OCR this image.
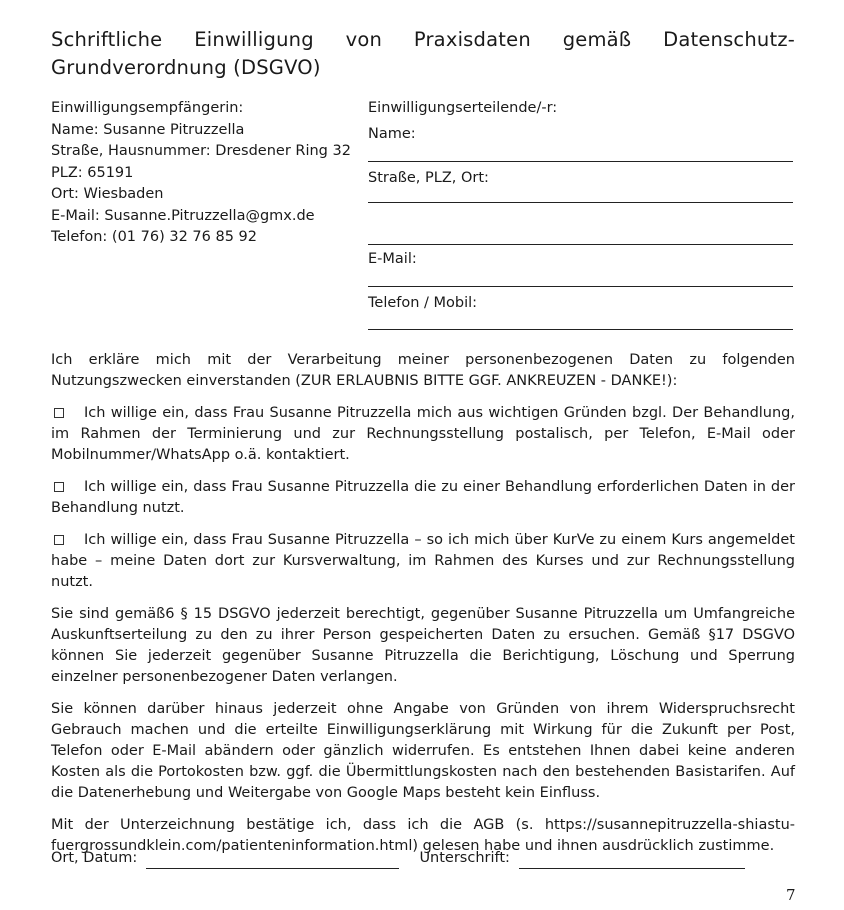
Schriftliche Einwilligung von Praxisdaten gemäß Datenschutz-Grundverordnung (DSGVO)
Einwilligungsempfängerin:
Name: Susanne Pitruzzella
Straße, Hausnummer: Dresdener Ring 32
PLZ: 65191
Ort: Wiesbaden
E-Mail: Susanne.Pitruzzella@gmx.de
Telefon: (01 76) 32 76 85 92
Einwilligungserteilende/-r:
Name:
Straße, PLZ, Ort:
E-Mail:
Telefon / Mobil:

Ich erkläre mich mit der Verarbeitung meiner personenbezogenen Daten zu folgenden Nutzungszwecken einverstanden (ZUR ERLAUBNIS BITTE GGF. ANKREUZEN - DANKE!):

Ich willige ein, dass Frau Susanne Pitruzzella mich aus wichtigen Gründen bzgl. Der Behandlung, im Rahmen der Terminierung und zur Rechnungsstellung postalisch, per Telefon, E-Mail oder Mobilnummer/WhatsApp o.ä. kontaktiert.

Ich willige ein, dass Frau Susanne Pitruzzella die zu einer Behandlung erforderlichen Daten in der Behandlung nutzt.

Ich willige ein, dass Frau Susanne Pitruzzella – so ich mich über KurVe zu einem Kurs angemeldet habe – meine Daten dort zur Kursverwaltung, im Rahmen des Kurses und zur Rechnungsstellung nutzt.

Sie sind gemäß6 § 15 DSGVO jederzeit berechtigt, gegenüber Susanne Pitruzzella um Umfangreiche Auskunftserteilung zu den zu ihrer Person gespeicherten Daten zu ersuchen. Gemäß §17 DSGVO können Sie jederzeit gegenüber Susanne Pitruzzella die Berichtigung, Löschung und Sperrung einzelner personenbezogener Daten verlangen.

Sie können darüber hinaus jederzeit ohne Angabe von Gründen von ihrem Widerspruchsrecht Gebrauch machen und die erteilte Einwilligungserklärung mit Wirkung für die Zukunft per Post, Telefon oder E-Mail abändern oder gänzlich widerrufen. Es entstehen Ihnen dabei keine anderen Kosten als die Portokosten bzw. ggf. die Übermittlungskosten nach den bestehenden Basistarifen. Auf die Datenerhebung und Weitergabe von Google Maps besteht kein Einfluss.

Mit der Unterzeichnung bestätige ich, dass ich die AGB (s. https://susannepitruzzella-shiastu-fuergrossundklein.com/patienteninformation.html) gelesen habe und ihnen ausdrücklich zustimme.

Ort, Datum:	Unterschrift:
7
